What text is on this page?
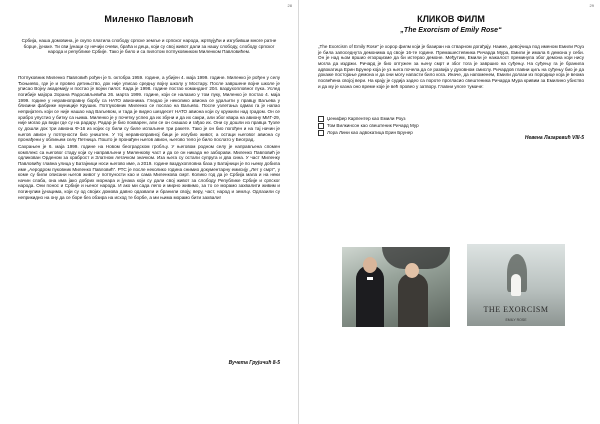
28
Миленко Павловић
Србија, наша домовина, је скупо платила слободу српске земље и српског народа, жртвујући и изгубивши многе ратне борце, јунаке. Ти сви јунаци су нечији очеви, браћа и деца, који су свој живот дали за нашу слободу, слободу српског народа и републике Србије. Тако је било и са пилотом потпуковником Миленком Павловићем.

Потпуковник Миленко Павловић рођен је 5. октобра 1959. године, а убијен 4. маја 1999. године. Миленко је рођен у селу Ђоњиево, где је и провео детињство, док није уписао средњу војну школу у Мостару. После завршене војне школе је уписао Војну академију и постао је војни пилот. Када је 1998. године постао командант 204. ваздухопловног пука. Услед погибије мајора Зорана Радосављевића 26. марта 1999. године, који се налазио у том пуку, Миленко је постао 4. маја 1999. године у неравноправну борбу са НАТО авионима. Гледао је неколико авиона се удаљити у правцу Ваљева у близини фабрике муниције Крушик. Потпуковник Миленко се послао на Ваљево. После узлетања одмах га је напао непријатељ који се није нашао над Ваљевом, и тада је видео шездесет НАТО авиона који су кружили над градом. Он се храбро упустио у битку са њима. Миленко је у почетку успео да их збуни и да их сакри, али због квара на авиону МИГ-29, није могао да види где су на радару. Радар је био покварен, али се он снашао и гађао их. Они су дошли из правца Тузле су дошли док три авиона Ф-16 из којих су били су биле испаљене три ракете. Тако је он био погођен и на тај начин је његов авион у потпуности био уништен. У тој неравноправној бици је изгубио живот, а остаци његовог авиона су пронађени у облињем селу Петница. Пошто је пронађен његов авион, његово тело је било послато у Београд.

Сахрањен је 6. маја 1999. године на Новом београдском гробљу. У његовом родном селу је направљена спомен комплекс са његовог стаду који су направљени у Миленкову част и да се он никада не заборави. Миленко Павловић је одликован Орденом за храброст и Златном летачком значком. Иза њега су остали супруга и два сина. У част Миленку Павловићу главна улица у Батајници носи његово име, а 2019. године ваздухопловна база у Батајници је по њему добила име „Аеродром пуковник Миленко Павловић“. РТС је после неколико година снимио документарну емисију „Лет у смрт“, у коме су били описани његов живот у потпуности као и сама Миленкова смрт. Колико год да је Србија мала и на неки начин слаба, она има јако добрих морнара и јунака који су дали свој живот за слободу Републике Србије и српског народа. Они понос и Србије и њеног народа. И ако ми сада лепо и мирно живимо, за то се морамо захвалити живим и погинулим јунацима, који су од својих домова давно одазвали и бранили своју, веру, част, народ и земљу. Одлазили су неприкидно на ону да се боре без обзира на исход те борбе, а ми њима морамо бити захвали!

Вучета Грујичић 8-5
29
КЛИКОВ ФИЛМ
„The Exorcism of Emily Rose“
„The Exorcism of Emily Rose“ је хорор филм који је базиран на стварном догађају. Наиме, девојчица под именом Емили Роуз је била запоседнута демонима од своје 16-те године. Премашестевника Ричарда Мура, Емили је имала 6 демона у себи. Он је над њом вршио егзорцизме да би истерао демоне. Међутим, Емили је нажалост преминула због демона који нису могла да издржи. Ричард је био оптужен за њену смрт и због тога је завршио на суђењу. На суђењу га је бранила адвокатица Ерин Брунер која је уз њега почела да се развија у духовном смислу. Ричардов главни циљ на суђењу био је да докаже постојање демона и да они могу напасти било кога. Иначе, да напоменем, Емили долази из породице која је веома посвећена својој вери. На крају је судија задео са пороте прогласио свештеника Ричарда Мура кривим за Емилино убиство и да му је казна оно време које је већ провео у затвору. Главни улоге тумаче:
Џенифер Карпентер као Емили Роуз
Том Вилкинсон као свештеник Ричард Мур
Лора Лини као адвокатица Ерин Брунер
Невена Лазаревић VIII-5
THE EXORCISM
EMILY ROSE
